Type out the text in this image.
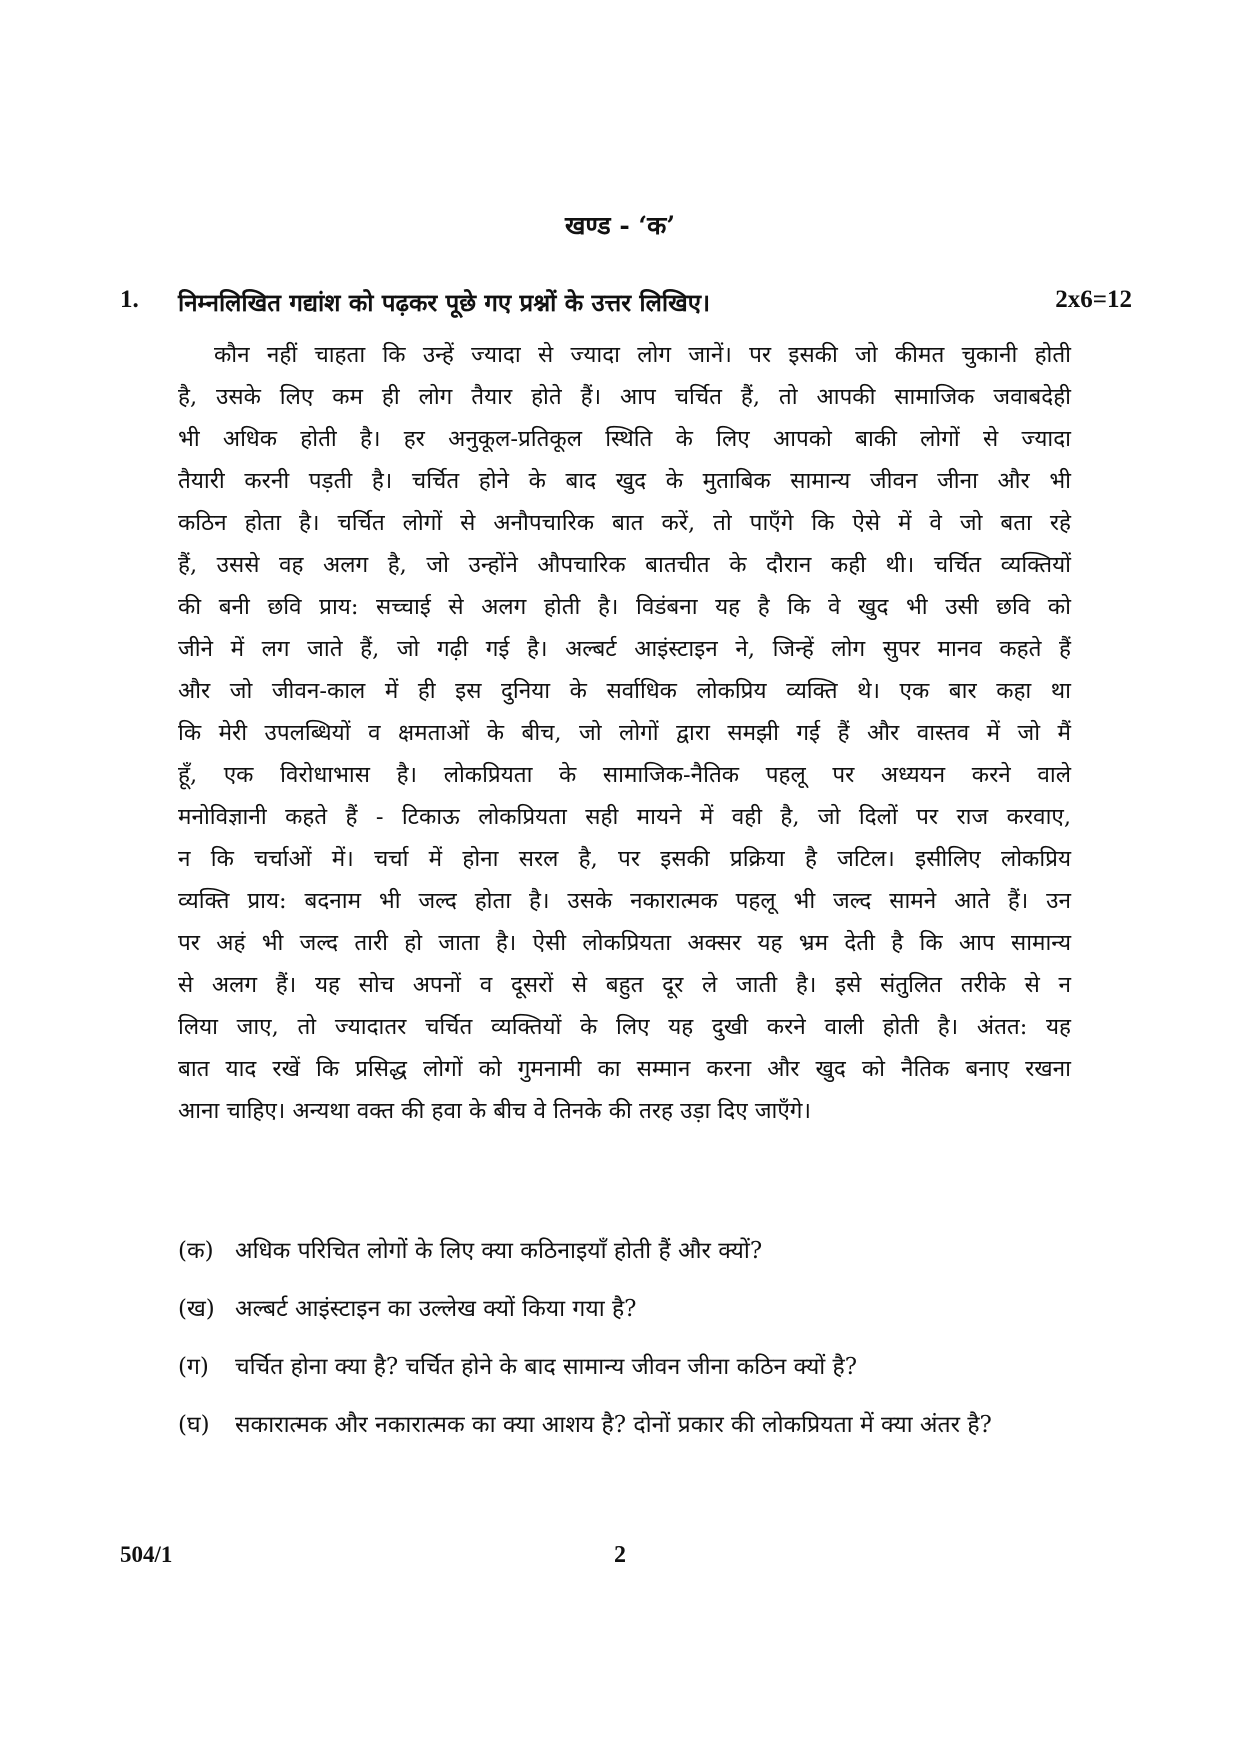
खण्ड - ‘क’
1. निम्नलिखित गद्यांश को पढ़कर पूछे गए प्रश्नों के उत्तर लिखिए।	2x6=12
कौन नहीं चाहता कि उन्हें ज्यादा से ज्यादा लोग जानें। पर इसकी जो कीमत चुकानी होती
है, उसके लिए कम ही लोग तैयार होते हैं। आप चर्चित हैं, तो आपकी सामाजिक जवाबदेही
भी अधिक होती है। हर अनुकूल-प्रतिकूल स्थिति के लिए आपको बाकी लोगों से ज्यादा
तैयारी करनी पड़ती है। चर्चित होने के बाद खुद के मुताबिक सामान्य जीवन जीना और भी
कठिन होता है। चर्चित लोगों से अनौपचारिक बात करें, तो पाएँगे कि ऐसे में वे जो बता रहे
हैं, उससे वह अलग है, जो उन्होंने औपचारिक बातचीत के दौरान कही थी। चर्चित व्यक्तियों
की बनी छवि प्राय: सच्चाई से अलग होती है। विडंबना यह है कि वे खुद भी उसी छवि को
जीने में लग जाते हैं, जो गढ़ी गई है। अल्बर्ट आइंस्टाइन ने, जिन्हें लोग सुपर मानव कहते हैं
और जो जीवन-काल में ही इस दुनिया के सर्वाधिक लोकप्रिय व्यक्ति थे। एक बार कहा था
कि मेरी उपलब्धियों व क्षमताओं के बीच, जो लोगों द्वारा समझी गई हैं और वास्तव में जो मैं
हूँ, एक विरोधाभास है। लोकप्रियता के सामाजिक-नैतिक पहलू पर अध्ययन करने वाले
मनोविज्ञानी कहते हैं - टिकाऊ लोकप्रियता सही मायने में वही है, जो दिलों पर राज करवाए,
न कि चर्चाओं में। चर्चा में होना सरल है, पर इसकी प्रक्रिया है जटिल। इसीलिए लोकप्रिय
व्यक्ति प्राय: बदनाम भी जल्द होता है। उसके नकारात्मक पहलू भी जल्द सामने आते हैं। उन
पर अहं भी जल्द तारी हो जाता है। ऐसी लोकप्रियता अक्सर यह भ्रम देती है कि आप सामान्य
से अलग हैं। यह सोच अपनों व दूसरों से बहुत दूर ले जाती है। इसे संतुलित तरीके से न
लिया जाए, तो ज्यादातर चर्चित व्यक्तियों के लिए यह दुखी करने वाली होती है। अंतत: यह
बात याद रखें कि प्रसिद्ध लोगों को गुमनामी का सम्मान करना और खुद को नैतिक बनाए रखना
आना चाहिए। अन्यथा वक्त की हवा के बीच वे तिनके की तरह उड़ा दिए जाएँगे।
(क) अधिक परिचित लोगों के लिए क्या कठिनाइयाँ होती हैं और क्यों?
(ख) अल्बर्ट आइंस्टाइन का उल्लेख क्यों किया गया है?
(ग) चर्चित होना क्या है? चर्चित होने के बाद सामान्य जीवन जीना कठिन क्यों है?
(घ) सकारात्मक और नकारात्मक का क्या आशय है? दोनों प्रकार की लोकप्रियता में क्या अंतर है?
504/1	2
